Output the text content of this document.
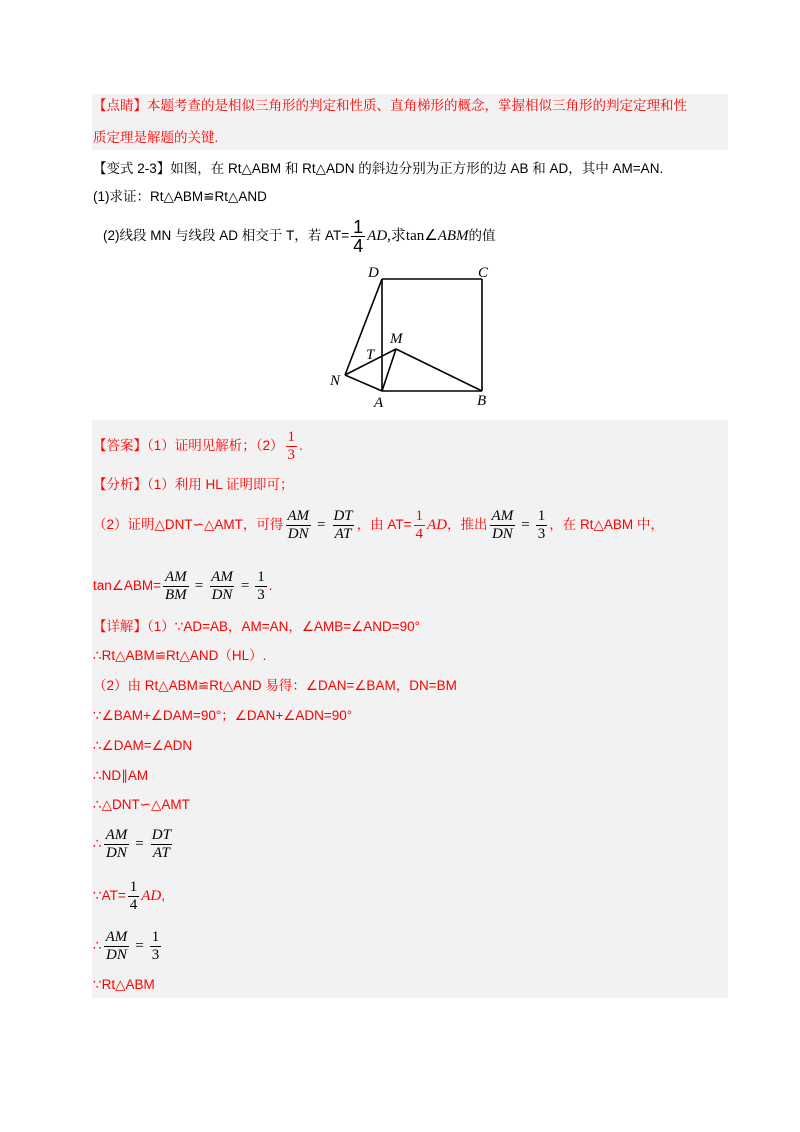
【点睛】本题考查的是相似三角形的判定和性质、直角梯形的概念，掌握相似三角形的判定定理和性
质定理是解题的关键.
【变式 2-3】如图，在 Rt△ABM 和 Rt△ADN 的斜边分别为正方形的边 AB 和 AD，其中 AM=AN.
(1)求证：Rt△ABM≌Rt△AND
(2)线段 MN 与线段 AD 相交于 T，若 $AT= \frac{1}{4}$ AD,求tan∠ABM的值
D	C
M
T
N
A	B
【答案】（1）证明见解析；$(2) \frac{1}{3}$ .
【分析】（1）利用 HL 证明即可；
（2）证明△DNT∽△AMT，可得 $\frac{AM}{DN} = \frac{DT}{AT}$ ，由 $AT= \frac{1}{4}$ AD，推出 $\frac{AM}{DN} = \frac{1}{3}$ ，在 Rt△ABM 中，
tan∠ABM= $\frac{AM}{BM} = \frac{AM}{DN} = \frac{1}{3}$ .
【详解】（1）∵AD=AB，AM=AN，∠AMB=∠AND=90°
∴Rt△ABM≌Rt△AND（HL）.
（2）由 Rt△ABM≌Rt△AND 易得：∠DAN=∠BAM，DN=BM
∵∠BAM+∠DAM=90°；∠DAN+∠ADN=90°
∴∠DAM=∠ADN
∴ND∥AM
∴△DNT∽△AMT
∴ $\frac{AM}{DN} = \frac{DT}{AT}$
∵AT= $\frac{1}{4}$ AD,
∴ $\frac{AM}{DN} = \frac{1}{3}$
∵Rt△ABM
